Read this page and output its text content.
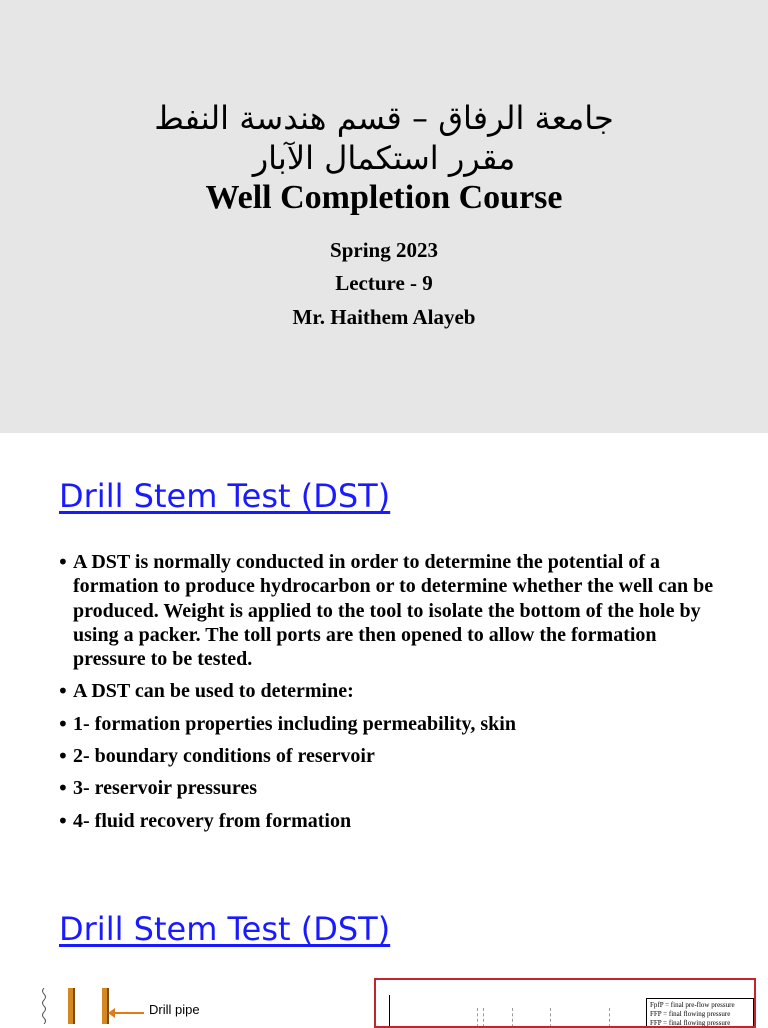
جامعة الرفاق – قسم هندسة النفط
مقرر استكمال الآبار
Well Completion Course
Spring 2023
Lecture - 9
Mr. Haithem Alayeb
Drill Stem Test (DST)
• A DST is normally conducted in order to determine the potential of a formation to produce hydrocarbon or to determine whether the well can be produced. Weight is applied to the tool to isolate the bottom of the hole by using a packer. The toll ports are then opened to allow the formation pressure to be tested.
• A DST can be used to determine:
• 1- formation properties including permeability, skin
• 2- boundary conditions of reservoir
• 3- reservoir pressures
• 4- fluid recovery from formation
Drill Stem Test (DST)
Drill pipe	FpfP = final pre-flow pressure
FFP = final flowing pressure
FFP = final flowing pressure
